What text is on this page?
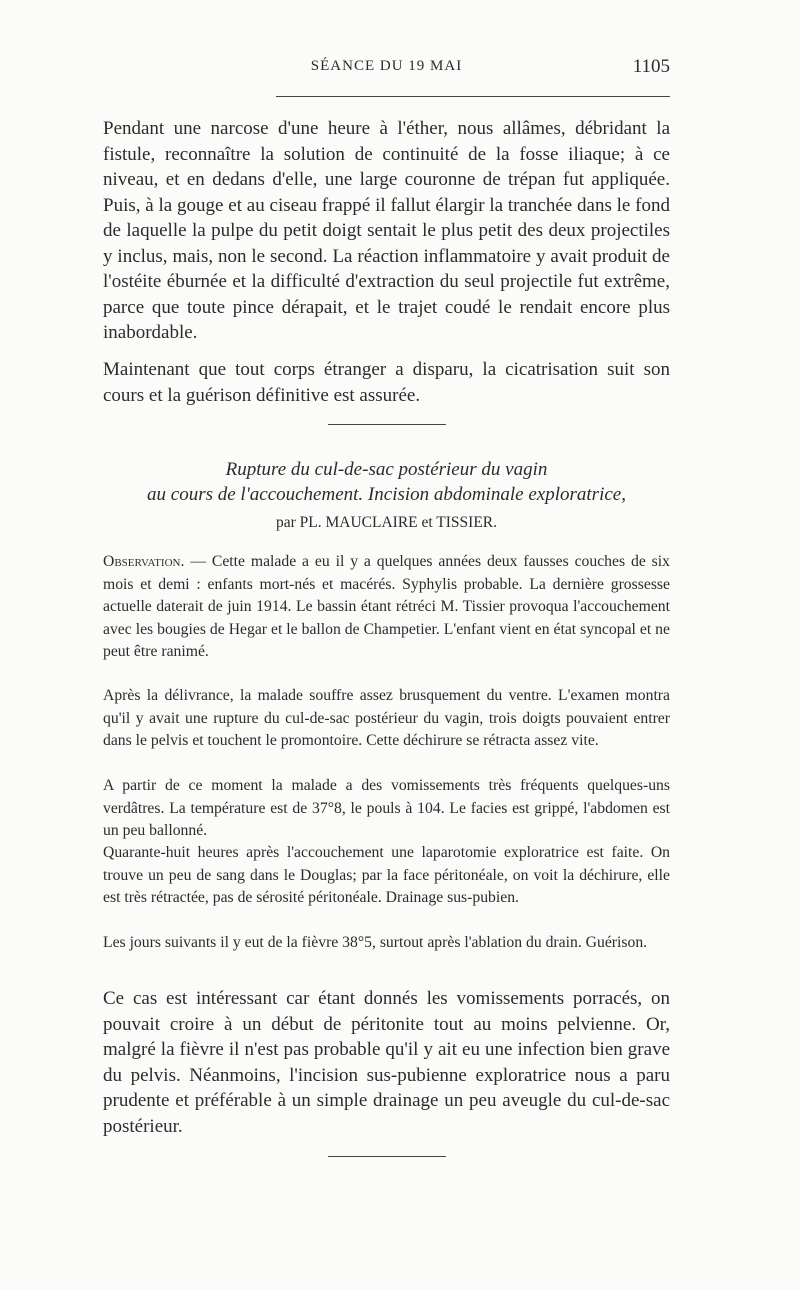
SÉANCE DU 19 MAI	1105

Pendant une narcose d'une heure à l'éther, nous allâmes, débridant la fistule, reconnaître la solution de continuité de la fosse iliaque; à ce niveau, et en dedans d'elle, une large couronne de trépan fut appliquée. Puis, à la gouge et au ciseau frappé il fallut élargir la tranchée dans le fond de laquelle la pulpe du petit doigt sentait le plus petit des deux projectiles y inclus, mais, non le second. La réaction inflammatoire y avait produit de l'ostéite éburnée et la difficulté d'extraction du seul projectile fut extrême, parce que toute pince dérapait, et le trajet coudé le rendait encore plus inabordable.

Maintenant que tout corps étranger a disparu, la cicatrisation suit son cours et la guérison définitive est assurée.

Rupture du cul-de-sac postérieur du vagin
au cours de l'accouchement. Incision abdominale exploratrice,
par PL. MAUCLAIRE et TISSIER.

Observation. — Cette malade a eu il y a quelques années deux fausses couches de six mois et demi : enfants mort-nés et macérés. Syphylis probable. La dernière grossesse actuelle daterait de juin 1914. Le bassin étant rétréci M. Tissier provoqua l'accouchement avec les bougies de Hegar et le ballon de Champetier. L'enfant vient en état syncopal et ne peut être ranimé.

Après la délivrance, la malade souffre assez brusquement du ventre. L'examen montra qu'il y avait une rupture du cul-de-sac postérieur du vagin, trois doigts pouvaient entrer dans le pelvis et touchent le promontoire. Cette déchirure se rétracta assez vite.

A partir de ce moment la malade a des vomissements très fréquents quelques-uns verdâtres. La température est de 37°8, le pouls à 104. Le facies est grippé, l'abdomen est un peu ballonné.

Quarante-huit heures après l'accouchement une laparotomie exploratrice est faite. On trouve un peu de sang dans le Douglas; par la face péritonéale, on voit la déchirure, elle est très rétractée, pas de sérosité péritonéale. Drainage sus-pubien.

Les jours suivants il y eut de la fièvre 38°5, surtout après l'ablation du drain. Guérison.

Ce cas est intéressant car étant donnés les vomissements porracés, on pouvait croire à un début de péritonite tout au moins pelvienne. Or, malgré la fièvre il n'est pas probable qu'il y ait eu une infection bien grave du pelvis. Néanmoins, l'incision sus-pubienne exploratrice nous a paru prudente et préférable à un simple drainage un peu aveugle du cul-de-sac postérieur.
